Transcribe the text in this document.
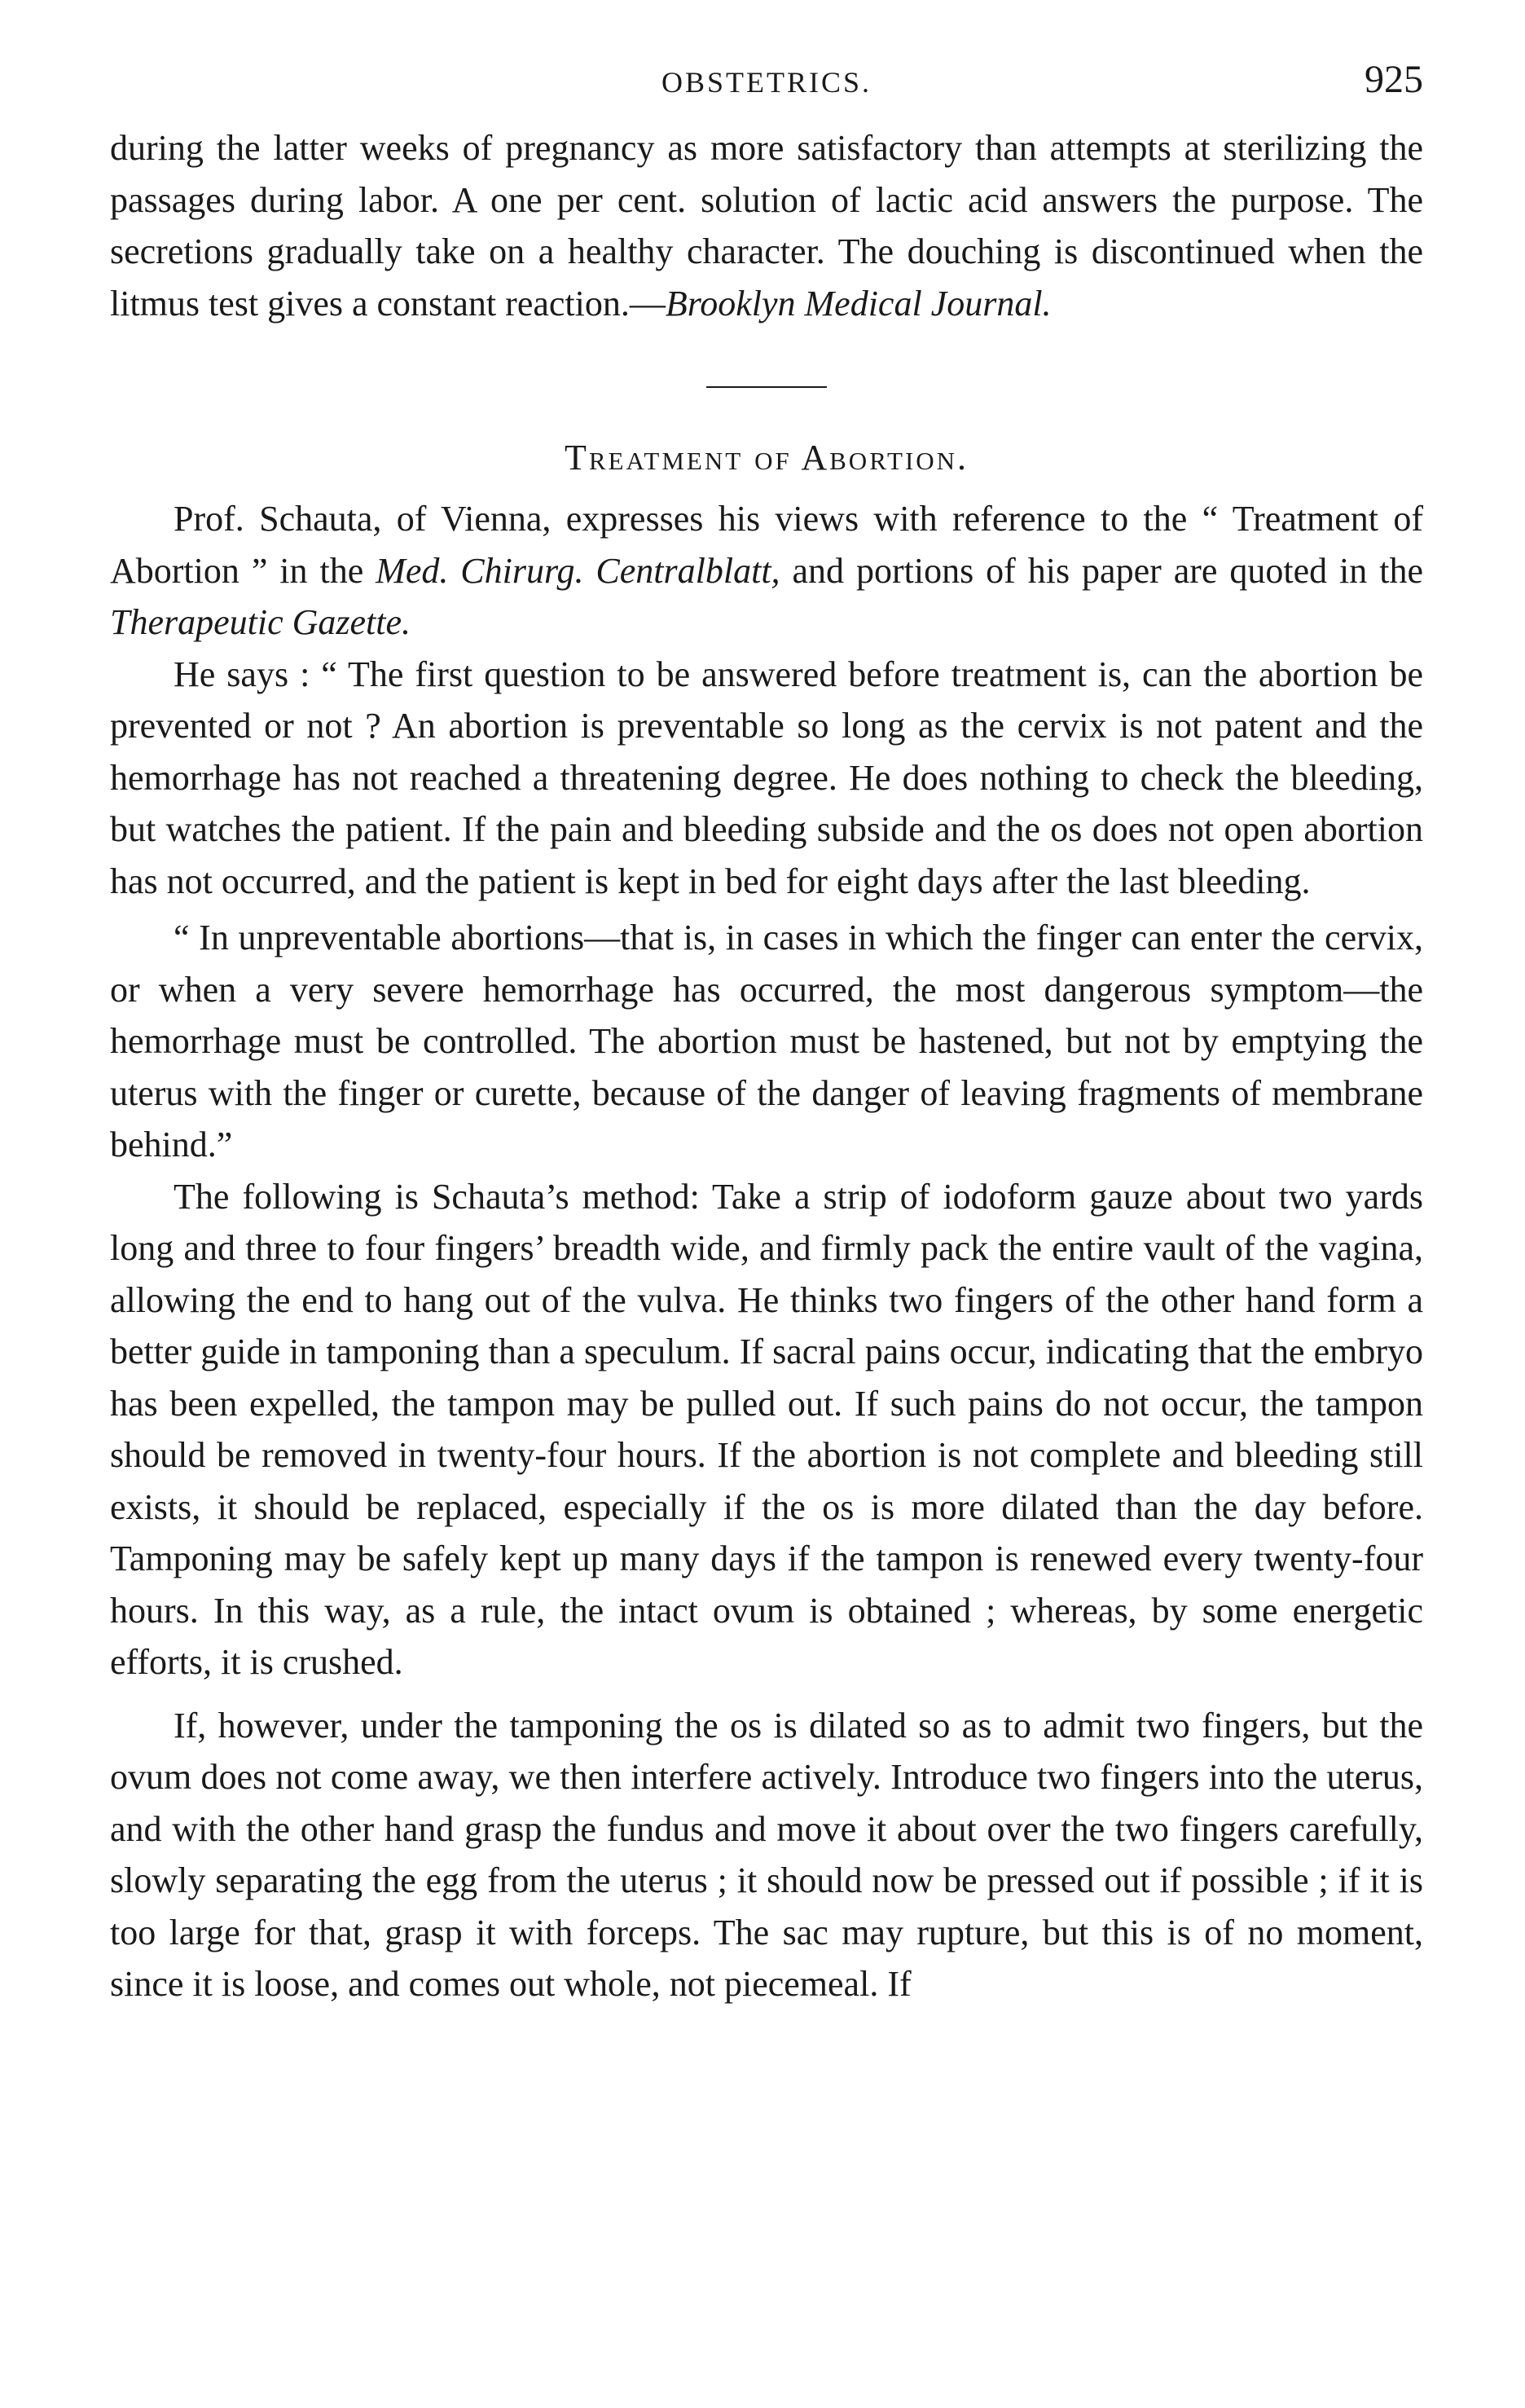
OBSTETRICS.	925

during the latter weeks of pregnancy as more satisfactory than attempts at sterilizing the passages during labor. A one per cent. solution of lactic acid answers the purpose. The secretions gradually take on a healthy character. The douching is discontinued when the litmus test gives a constant reaction.—Brooklyn Medical Journal.

Treatment of Abortion.

Prof. Schauta, of Vienna, expresses his views with reference to the “ Treatment of Abortion ” in the Med. Chirurg. Centralblatt, and portions of his paper are quoted in the Therapeutic Gazette.

He says : “ The first question to be answered before treatment is, can the abortion be prevented or not ? An abortion is preventable so long as the cervix is not patent and the hemorrhage has not reached a threatening degree. He does nothing to check the bleeding, but watches the patient. If the pain and bleeding subside and the os does not open abortion has not occurred, and the patient is kept in bed for eight days after the last bleeding.

“ In unpreventable abortions—that is, in cases in which the finger can enter the cervix, or when a very severe hemorrhage has occurred, the most dangerous symptom—the hemorrhage must be controlled. The abortion must be hastened, but not by emptying the uterus with the finger or curette, because of the danger of leaving fragments of membrane behind.”

The following is Schauta’s method: Take a strip of iodoform gauze about two yards long and three to four fingers’ breadth wide, and firmly pack the entire vault of the vagina, allowing the end to hang out of the vulva. He thinks two fingers of the other hand form a better guide in tamponing than a speculum. If sacral pains occur, indicating that the embryo has been expelled, the tampon may be pulled out. If such pains do not occur, the tampon should be removed in twenty-four hours. If the abortion is not complete and bleeding still exists, it should be replaced, especially if the os is more dilated than the day before. Tamponing may be safely kept up many days if the tampon is renewed every twenty-four hours. In this way, as a rule, the intact ovum is obtained ; whereas, by some energetic efforts, it is crushed.

If, however, under the tamponing the os is dilated so as to admit two fingers, but the ovum does not come away, we then interfere actively. Introduce two fingers into the uterus, and with the other hand grasp the fundus and move it about over the two fingers carefully, slowly separating the egg from the uterus ; it should now be pressed out if possible ; if it is too large for that, grasp it with forceps. The sac may rupture, but this is of no moment, since it is loose, and comes out whole, not piecemeal. If
